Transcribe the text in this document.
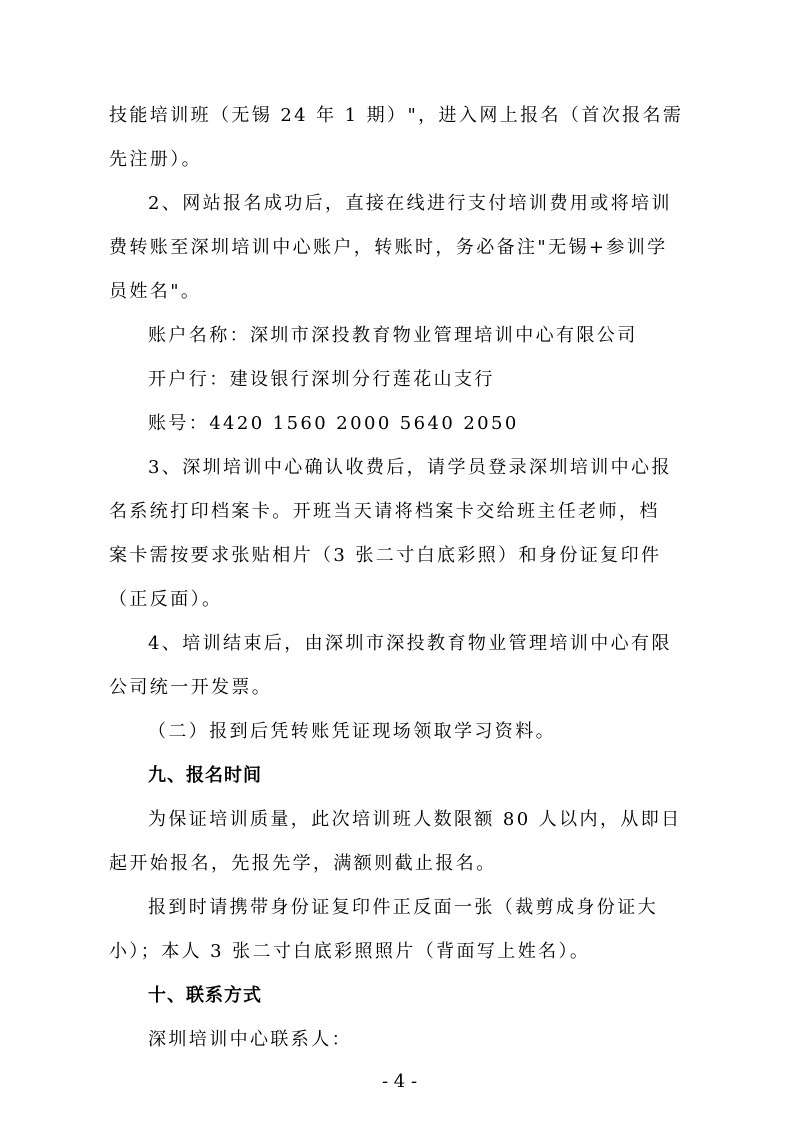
技能培训班（无锡 24 年 1 期）"，进入网上报名（首次报名需
先注册）。
2、网站报名成功后，直接在线进行支付培训费用或将培训
费转账至深圳培训中心账户，转账时，务必备注"无锡+参训学
员姓名"。
账户名称：深圳市深投教育物业管理培训中心有限公司
开户行：建设银行深圳分行莲花山支行
账号：4420 1560 2000 5640 2050
3、深圳培训中心确认收费后，请学员登录深圳培训中心报
名系统打印档案卡。开班当天请将档案卡交给班主任老师，档
案卡需按要求张贴相片（3 张二寸白底彩照）和身份证复印件
（正反面）。
4、培训结束后，由深圳市深投教育物业管理培训中心有限
公司统一开发票。
（二）报到后凭转账凭证现场领取学习资料。
九、报名时间
为保证培训质量，此次培训班人数限额 80 人以内，从即日
起开始报名，先报先学，满额则截止报名。
报到时请携带身份证复印件正反面一张（裁剪成身份证大
小）；本人 3 张二寸白底彩照照片（背面写上姓名）。
十、联系方式
深圳培训中心联系人：
- 4 -
